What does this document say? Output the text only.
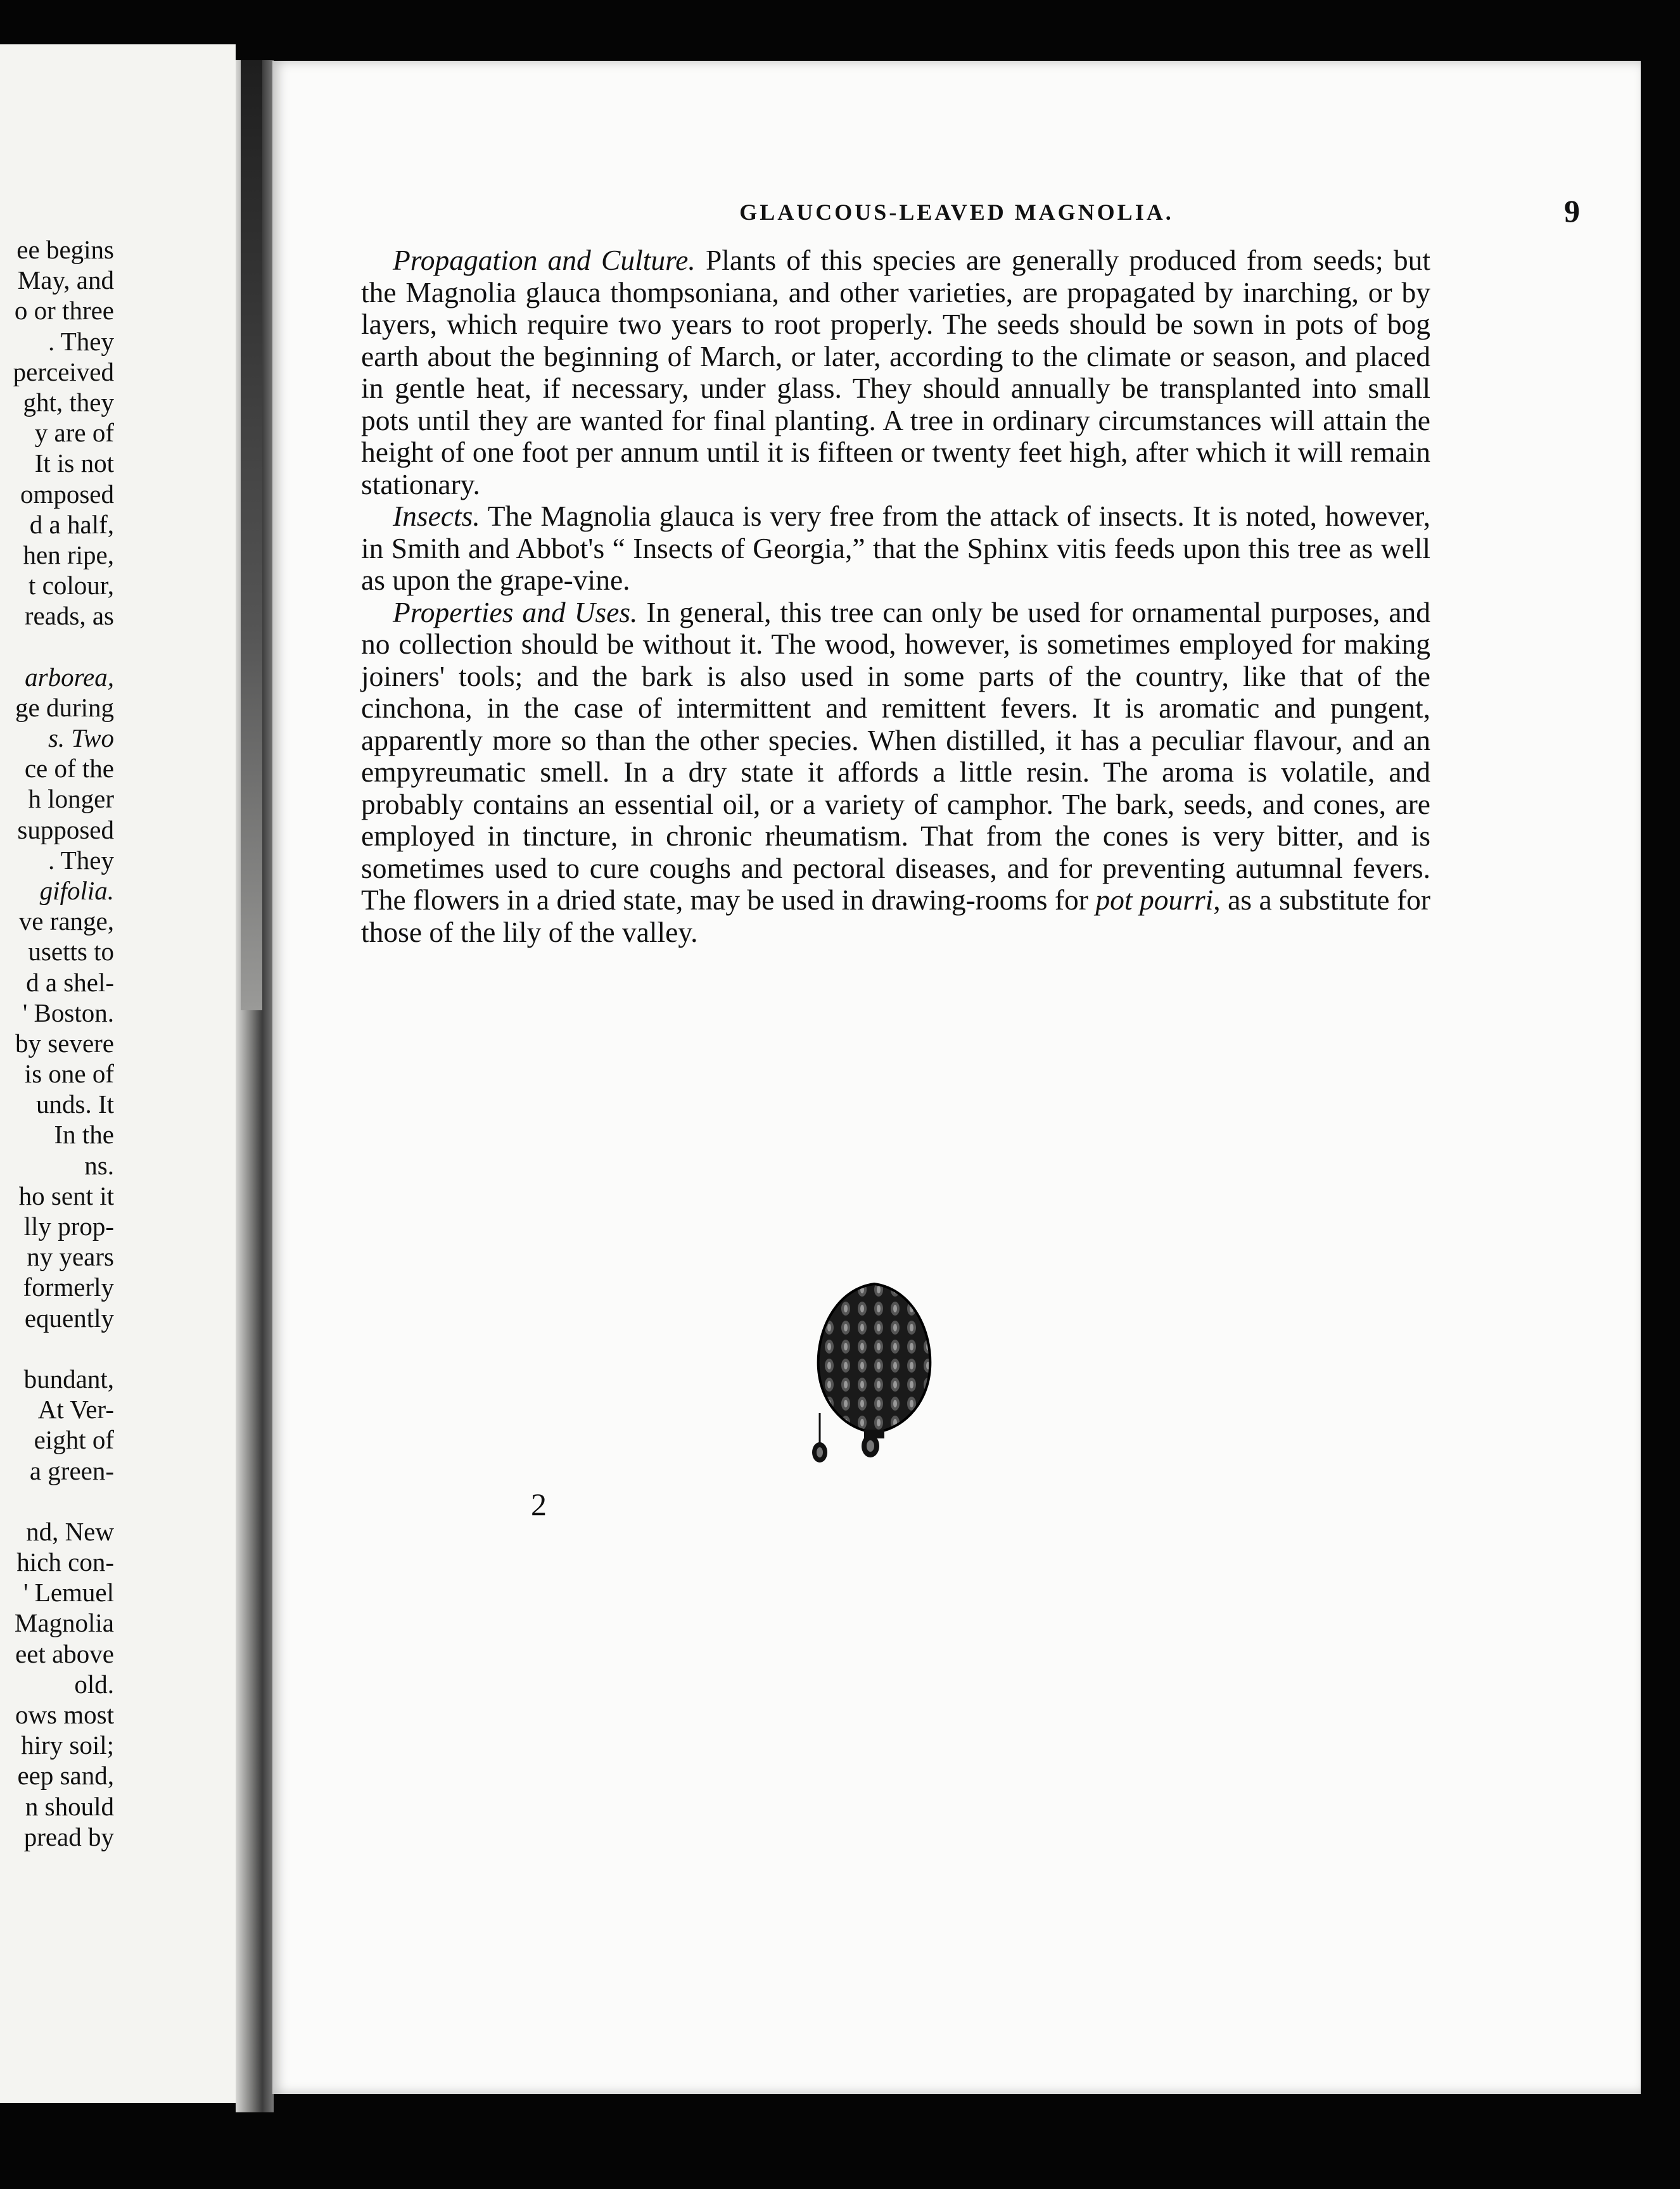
ee begins
May, and
o or three
. They
perceived
ght, they
y are of
It is not
omposed
d a half,
hen ripe,
t colour,
reads, as
arborea,
ge during
s. Two
ce of the
h longer
supposed
. They
gifolia.
ve range,
usetts to
d a shel-
' Boston.
by severe
is one of
unds. It
In the
ns.
ho sent it
lly prop-
ny years
formerly
equently
bundant,
At Ver-
eight of
a green-
nd, New
hich con-
' Lemuel
Magnolia
eet above
old.
ows most
hiry soil;
eep sand,
n should
pread by
GLAUCOUS-LEAVED MAGNOLIA.	9

Propagation and Culture. Plants of this species are generally produced from seeds; but the Magnolia glauca thompsoniana, and other varieties, are propagated by inarching, or by layers, which require two years to root properly. The seeds should be sown in pots of bog earth about the beginning of March, or later, according to the climate or season, and placed in gentle heat, if necessary, under glass. They should annually be transplanted into small pots until they are wanted for final planting. A tree in ordinary circumstances will attain the height of one foot per annum until it is fifteen or twenty feet high, after which it will remain stationary.

Insects. The Magnolia glauca is very free from the attack of insects. It is noted, however, in Smith and Abbot's “ Insects of Georgia,” that the Sphinx vitis feeds upon this tree as well as upon the grape-vine.

Properties and Uses. In general, this tree can only be used for ornamental purposes, and no collection should be without it. The wood, however, is sometimes employed for making joiners' tools; and the bark is also used in some parts of the country, like that of the cinchona, in the case of intermittent and remittent fevers. It is aromatic and pungent, apparently more so than the other species. When distilled, it has a peculiar flavour, and an empyreumatic smell. In a dry state it affords a little resin. The aroma is volatile, and probably contains an essential oil, or a variety of camphor. The bark, seeds, and cones, are employed in tincture, in chronic rheumatism. That from the cones is very bitter, and is sometimes used to cure coughs and pectoral diseases, and for preventing autumnal fevers. The flowers in a dried state, may be used in drawing-rooms for pot pourri, as a substitute for those of the lily of the valley.

2
